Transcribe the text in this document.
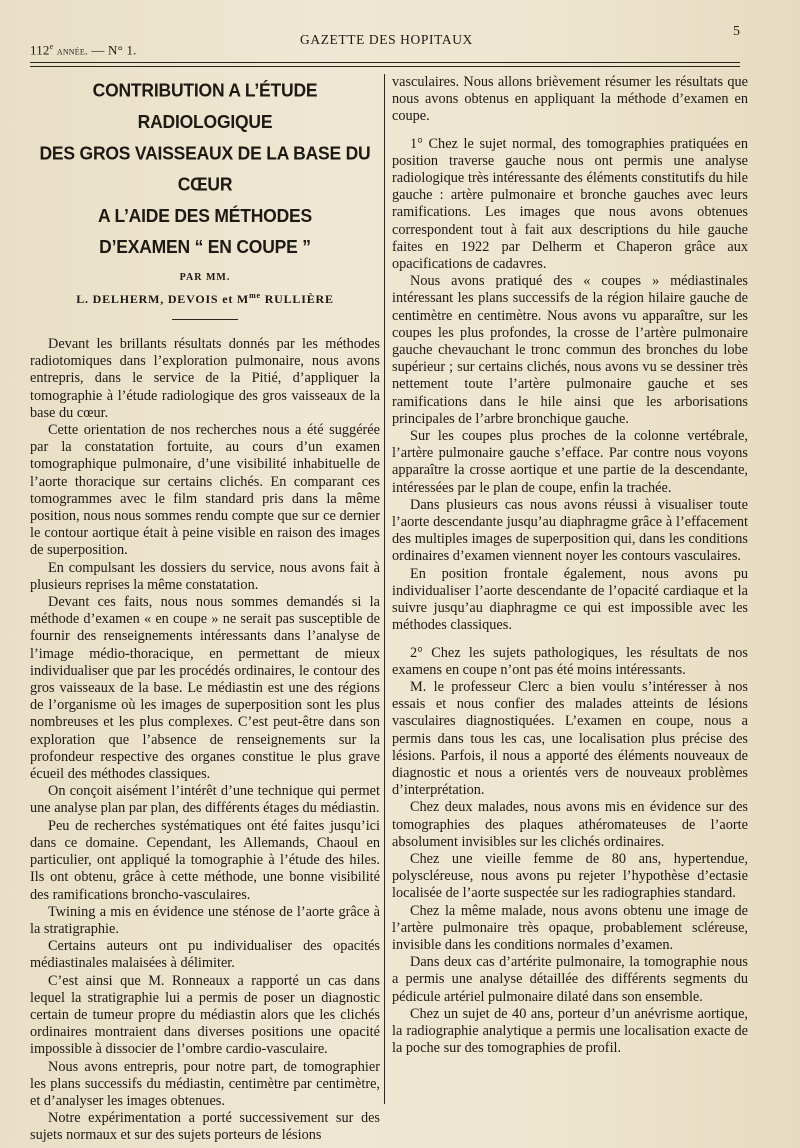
112e année. — N° 1.
GAZETTE DES HOPITAUX
5
CONTRIBUTION A L’ÉTUDE RADIOLOGIQUE
DES GROS VAISSEAUX DE LA BASE DU CŒUR
A L’AIDE DES MÉTHODES
D’EXAMEN “ EN COUPE ”
PAR MM.
L. DELHERM, DEVOIS et $M^{me}$ RULLIÈRE

Devant les brillants résultats donnés par les méthodes radiotomiques dans l’exploration pulmonaire, nous avons entrepris, dans le service de la Pitié, d’appliquer la tomographie à l’étude radiologique des gros vaisseaux de la base du cœur.

Cette orientation de nos recherches nous a été suggérée par la constatation fortuite, au cours d’un examen tomographique pulmonaire, d’une visibilité inhabituelle de l’aorte thoracique sur certains clichés. En comparant ces tomogrammes avec le film standard pris dans la même position, nous nous sommes rendu compte que sur ce dernier le contour aortique était à peine visible en raison des images de superposition.

En compulsant les dossiers du service, nous avons fait à plusieurs reprises la même constatation.

Devant ces faits, nous nous sommes demandés si la méthode d’examen « en coupe » ne serait pas susceptible de fournir des renseignements intéressants dans l’analyse de l’image médio-thoracique, en permettant de mieux individualiser que par les procédés ordinaires, le contour des gros vaisseaux de la base. Le médiastin est une des régions de l’organisme où les images de superposition sont les plus nombreuses et les plus complexes. C’est peut-être dans son exploration que l’absence de renseignements sur la profondeur respective des organes constitue le plus grave écueil des méthodes classiques.

On conçoit aisément l’intérêt d’une technique qui permet une analyse plan par plan, des différents étages du médiastin.

Peu de recherches systématiques ont été faites jusqu’ici dans ce domaine. Cependant, les Allemands, Chaoul en particulier, ont appliqué la tomographie à l’étude des hiles. Ils ont obtenu, grâce à cette méthode, une bonne visibilité des ramifications broncho-vasculaires.

Twining a mis en évidence une sténose de l’aorte grâce à la stratigraphie.

Certains auteurs ont pu individualiser des opacités médiastinales malaisées à délimiter.

C’est ainsi que M. Ronneaux a rapporté un cas dans lequel la stratigraphie lui a permis de poser un diagnostic certain de tumeur propre du médiastin alors que les clichés ordinaires montraient dans diverses positions une opacité impossible à dissocier de l’ombre cardio-vasculaire.

Nous avons entrepris, pour notre part, de tomographier les plans successifs du médiastin, centimètre par centimètre, et d’analyser les images obtenues.

Notre expérimentation a porté successivement sur des sujets normaux et sur des sujets porteurs de lésions

vasculaires. Nous allons brièvement résumer les résultats que nous avons obtenus en appliquant la méthode d’examen en coupe.

1° Chez le sujet normal, des tomographies pratiquées en position traverse gauche nous ont permis une analyse radiologique très intéressante des éléments constitutifs du hile gauche : artère pulmonaire et bronche gauches avec leurs ramifications. Les images que nous avons obtenues correspondent tout à fait aux descriptions du hile gauche faites en 1922 par Delherm et Chaperon grâce aux opacifications de cadavres.

Nous avons pratiqué des « coupes » médiastinales intéressant les plans successifs de la région hilaire gauche de centimètre en centimètre. Nous avons vu apparaître, sur les coupes les plus profondes, la crosse de l’artère pulmonaire gauche chevauchant le tronc commun des bronches du lobe supérieur ; sur certains clichés, nous avons vu se dessiner très nettement toute l’artère pulmonaire gauche et ses ramifications dans le hile ainsi que les arborisations principales de l’arbre bronchique gauche.

Sur les coupes plus proches de la colonne vertébrale, l’artère pulmonaire gauche s’efface. Par contre nous voyons apparaître la crosse aortique et une partie de la descendante, intéressées par le plan de coupe, enfin la trachée.

Dans plusieurs cas nous avons réussi à visualiser toute l’aorte descendante jusqu’au diaphragme grâce à l’effacement des multiples images de superposition qui, dans les conditions ordinaires d’examen viennent noyer les contours vasculaires.

En position frontale également, nous avons pu individualiser l’aorte descendante de l’opacité cardiaque et la suivre jusqu’au diaphragme ce qui est impossible avec les méthodes classiques.

2° Chez les sujets pathologiques, les résultats de nos examens en coupe n’ont pas été moins intéressants.

M. le professeur Clerc a bien voulu s’intéresser à nos essais et nous confier des malades atteints de lésions vasculaires diagnostiquées. L’examen en coupe, nous a permis dans tous les cas, une localisation plus précise des lésions. Parfois, il nous a apporté des éléments nouveaux de diagnostic et nous a orientés vers de nouveaux problèmes d’interprétation.

Chez deux malades, nous avons mis en évidence sur des tomographies des plaques athéromateuses de l’aorte absolument invisibles sur les clichés ordinaires.

Chez une vieille femme de 80 ans, hypertendue, polyscléreuse, nous avons pu rejeter l’hypothèse d’ectasie localisée de l’aorte suspectée sur les radiographies standard.

Chez la même malade, nous avons obtenu une image de l’artère pulmonaire très opaque, probablement scléreuse, invisible dans les conditions normales d’examen.

Dans deux cas d’artérite pulmonaire, la tomographie nous a permis une analyse détaillée des différents segments du pédicule artériel pulmonaire dilaté dans son ensemble.

Chez un sujet de 40 ans, porteur d’un anévrisme aortique, la radiographie analytique a permis une localisation exacte de la poche sur des tomographies de profil.
